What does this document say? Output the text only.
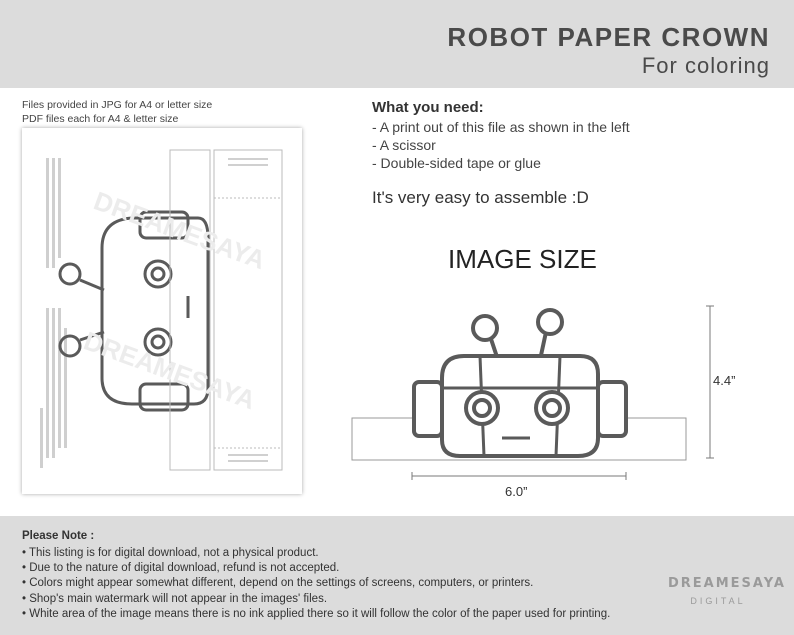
ROBOT PAPER CROWN
For coloring
Files provided in JPG for A4 or letter size
PDF files each for A4 & letter size
DREAMESAYA
DREAMESAYA
What you need:
- A print out of this file as shown in the left
- A scissor
- Double-sided tape or glue
It's very easy to assemble :D
IMAGE SIZE
4.4”
6.0”
Please Note :
• This listing is for digital download, not a physical product.
• Due to the nature of digital download, refund is not accepted.
• Colors might appear somewhat different, depend on the settings of screens, computers, or printers.
• Shop's main watermark will not appear in the images' files.
• White area of the image means there is no ink applied there so it will follow the color of the paper used for printing.
DREAMESAYA
DIGITAL
